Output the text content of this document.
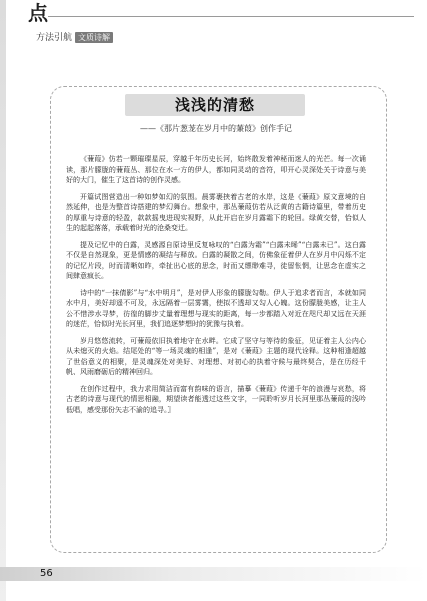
点
方法引航 文质诗解
浅浅的清愁
——《那片葱茏在岁月中的蒹葭》创作手记

《蒹葭》仿若一颗璀璨星辰，穿越千年历史长河，始终散发着神秘而迷人的光芒。每一次诵读，那片朦胧的蒹葭丛、那位在水一方的伊人，都如同灵动的音符，叩开心灵深处关于诗意与美好的大门，催生了这首诗的创作灵感。

开篇试图营造出一种如梦如幻的氛围。晨雾裹挟着古老的水岸，这是《蒹葭》原文意境的自然延伸，也是为整首诗搭建的梦幻舞台。想象中，那丛蒹葭仿若从泛黄的古籍诗篇里，带着历史的厚重与诗意的轻盈，款款摇曳进现实视野，从此开启在岁月露霜下的轮回。绿黄交替，恰似人生的起起落落，承载着时光的沧桑变迁。

提及记忆中的白露，灵感源自原诗里反复咏叹的“白露为霜”“白露未晞”“白露未已”。这白露不仅是自然现象，更是情感的凝结与释放。白露的凝散之间，仿佛象征着伊人在岁月中闪烁不定的记忆片段，时而清晰如昨，牵扯出心底的思念，时而又缥缈难寻，徒留怅惘，让思念在虚实之间肆意疯长。

诗中的“一抹倩影”与“水中明月”，是对伊人形象的朦胧勾勒。伊人于追求者而言，本就如同水中月，美好却遥不可及，永远隔着一层雾霭，使拟不透却又勾人心魄。这份朦胧美感，让主人公不惜涉水寻梦，彷徨的脚步丈量着理想与现实的距离，每一步都踏入对近在咫尺却又远在天涯的迷茫，恰似时光长河里，我们追逐梦想时的犹豫与执着。

岁月悠悠流转，可蒹葭依旧执着地守在水畔。它成了坚守与等待的象征，见证着主人公内心从未熄灭的火焰。结尾处的“等一场灵魂的相逢”，是对《蒹葭》主题的现代诠释。这种相逢超越了世俗意义的相聚，是灵魂深处对美好、对理想、对初心的执着守候与最终契合，是在历经千帆、风雨磨砺后的精神回归。

在创作过程中，我力求用简洁而富有韵味的语言，描摹《蒹葭》传递千年的浪漫与哀愁，将古老的诗意与现代的情思相融，期望读者能透过这些文字，一同聆听岁月长河里那丛蒹葭的浅吟低唱，感受那份矢志不渝的追寻。〗

56
